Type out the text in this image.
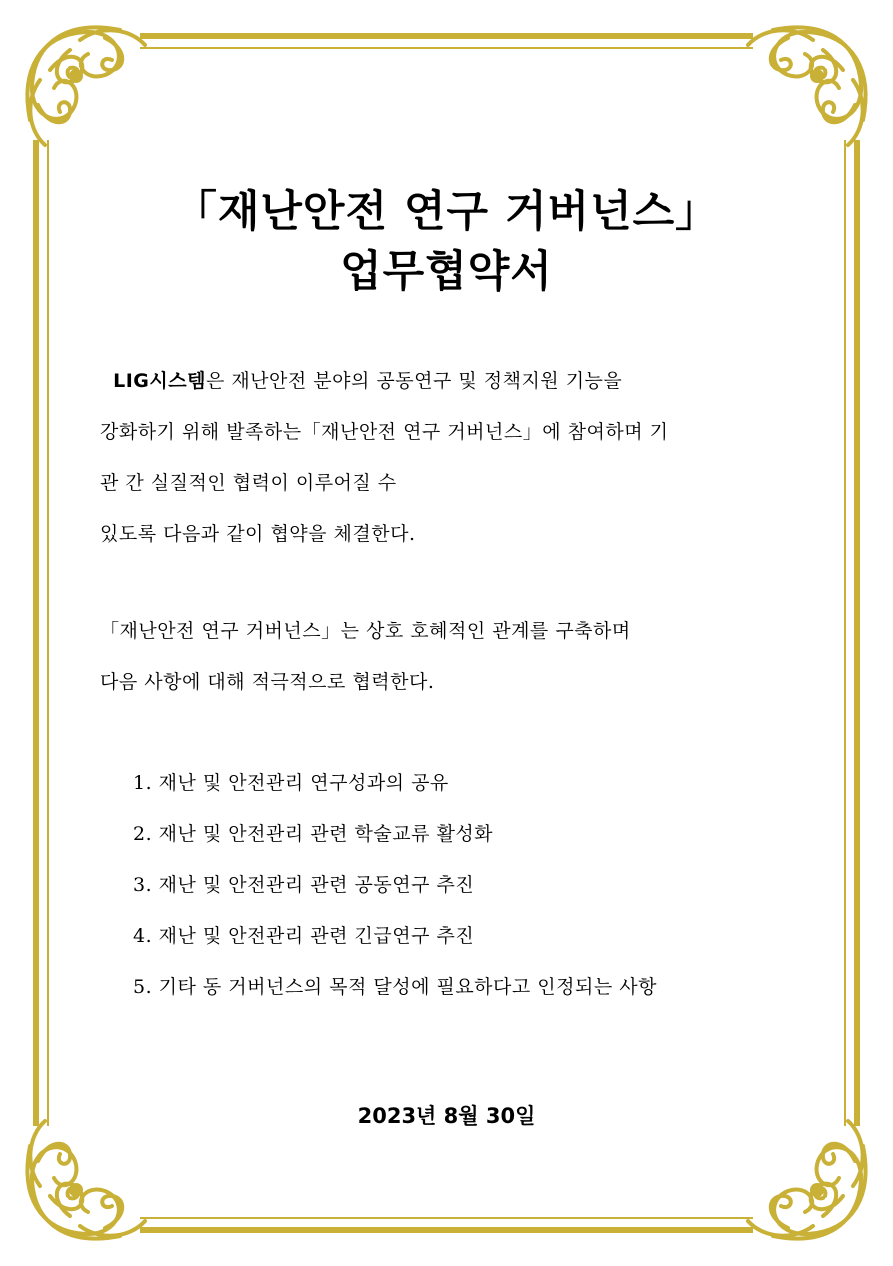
「재난안전 연구 거버넌스」
업무협약서
LIG시스템은 재난안전 분야의 공동연구 및 정책지원 기능을
강화하기 위해 발족하는「재난안전 연구 거버넌스」에 참여하며 기
관 간 실질적인 협력이 이루어질 수
있도록 다음과 같이 협약을 체결한다.
「재난안전 연구 거버넌스」는 상호 호혜적인 관계를 구축하며
다음 사항에 대해 적극적으로 협력한다.
1. 재난 및 안전관리 연구성과의 공유
2. 재난 및 안전관리 관련 학술교류 활성화
3. 재난 및 안전관리 관련 공동연구 추진
4. 재난 및 안전관리 관련 긴급연구 추진
5. 기타 동 거버넌스의 목적 달성에 필요하다고 인정되는 사항
2023년 8월 30일
